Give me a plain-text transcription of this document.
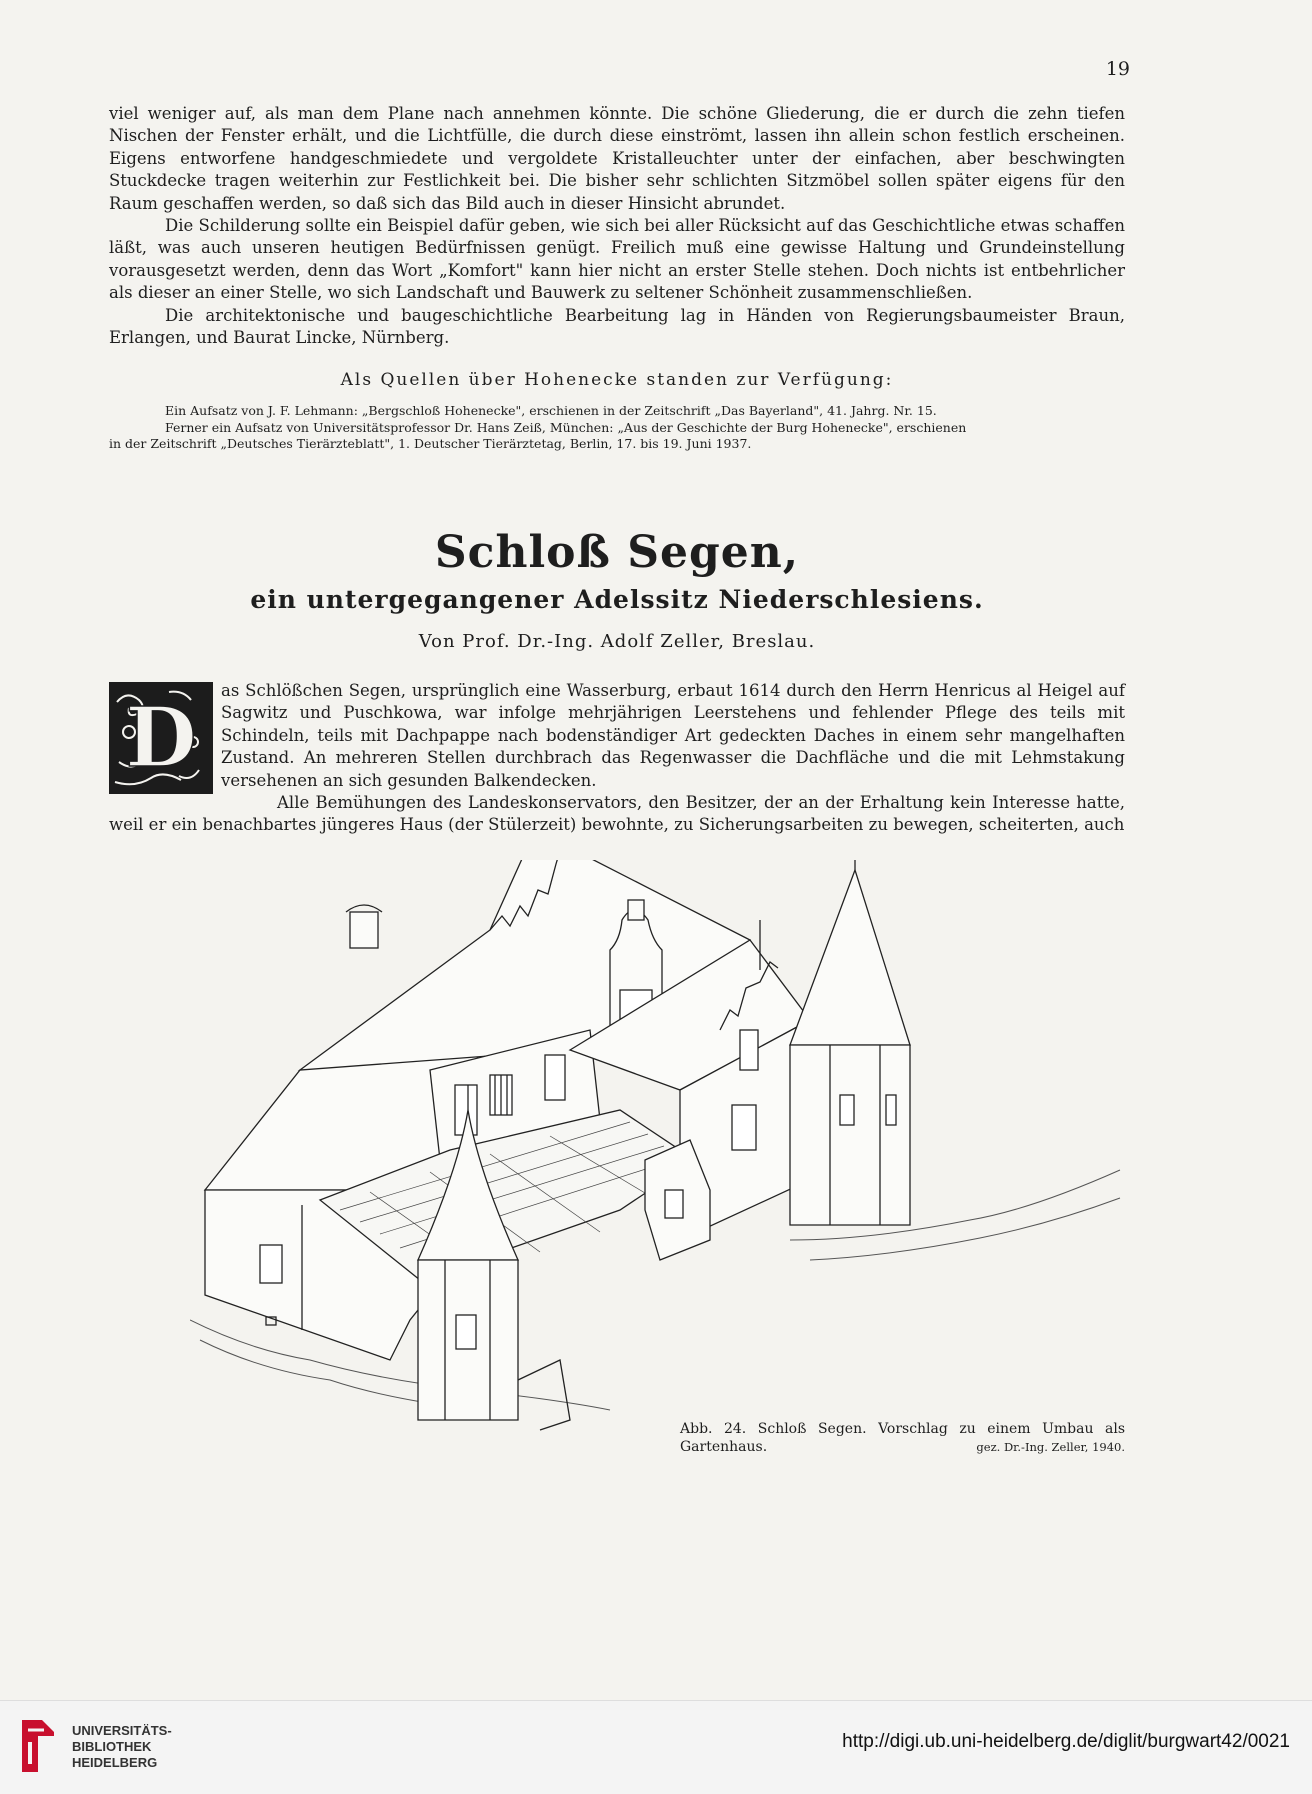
19

viel weniger auf, als man dem Plane nach annehmen könnte. Die schöne Gliederung, die er durch die zehn tiefen Nischen der Fenster erhält, und die Lichtfülle, die durch diese einströmt, lassen ihn allein schon festlich erscheinen. Eigens entworfene handgeschmiedete und vergoldete Kristalleuchter unter der einfachen, aber beschwingten Stuckdecke tragen weiterhin zur Festlichkeit bei. Die bisher sehr schlichten Sitzmöbel sollen später eigens für den Raum geschaffen werden, so daß sich das Bild auch in dieser Hinsicht abrundet.

Die Schilderung sollte ein Beispiel dafür geben, wie sich bei aller Rücksicht auf das Geschichtliche etwas schaffen läßt, was auch unseren heutigen Bedürfnissen genügt. Freilich muß eine gewisse Haltung und Grundeinstellung vorausgesetzt werden, denn das Wort „Komfort" kann hier nicht an erster Stelle stehen. Doch nichts ist entbehrlicher als dieser an einer Stelle, wo sich Landschaft und Bauwerk zu seltener Schönheit zusammenschließen.

Die architektonische und baugeschichtliche Bearbeitung lag in Händen von Regierungsbaumeister Braun, Erlangen, und Baurat Lincke, Nürnberg.

Als Quellen über Hohenecke standen zur Verfügung:

Ein Aufsatz von J. F. Lehmann: „Bergschloß Hohenecke", erschienen in der Zeitschrift „Das Bayerland", 41. Jahrg. Nr. 15.

Ferner ein Aufsatz von Universitätsprofessor Dr. Hans Zeiß, München: „Aus der Geschichte der Burg Hohenecke", erschienen

in der Zeitschrift „Deutsches Tierärzteblatt", 1. Deutscher Tierärztetag, Berlin, 17. bis 19. Juni 1937.

Schloß Segen,
ein untergegangener Adelssitz Niederschlesiens.
Von Prof. Dr.-Ing. Adolf Zeller, Breslau.
D	as Schlößchen Segen, ursprünglich eine Wasserburg, erbaut 1614 durch den Herrn Henricus al Heigel auf Sagwitz und Puschkowa, war infolge mehrjährigen Leerstehens und fehlender Pflege des teils mit Schindeln, teils mit Dachpappe nach bodenständiger Art gedeckten Daches in einem sehr mangelhaften Zustand. An mehreren Stellen durchbrach das Regenwasser die Dachfläche und die mit Lehmstakung versehenen an sich gesunden Balkendecken.

Alle Bemühungen des Landeskonservators, den Besitzer, der an der Erhaltung kein Interesse hatte, weil er ein benachbartes jüngeres Haus (der Stülerzeit) bewohnte, zu Sicherungsarbeiten zu bewegen, scheiterten, auch

Abb. 24. Schloß Segen. Vorschlag zu einem Umbau als Gartenhaus.	gez. Dr.-Ing. Zeller, 1940.
UNIVERSITÄTS-
BIBLIOTHEK
HEIDELBERG
http://digi.ub.uni-heidelberg.de/diglit/burgwart42/0021
